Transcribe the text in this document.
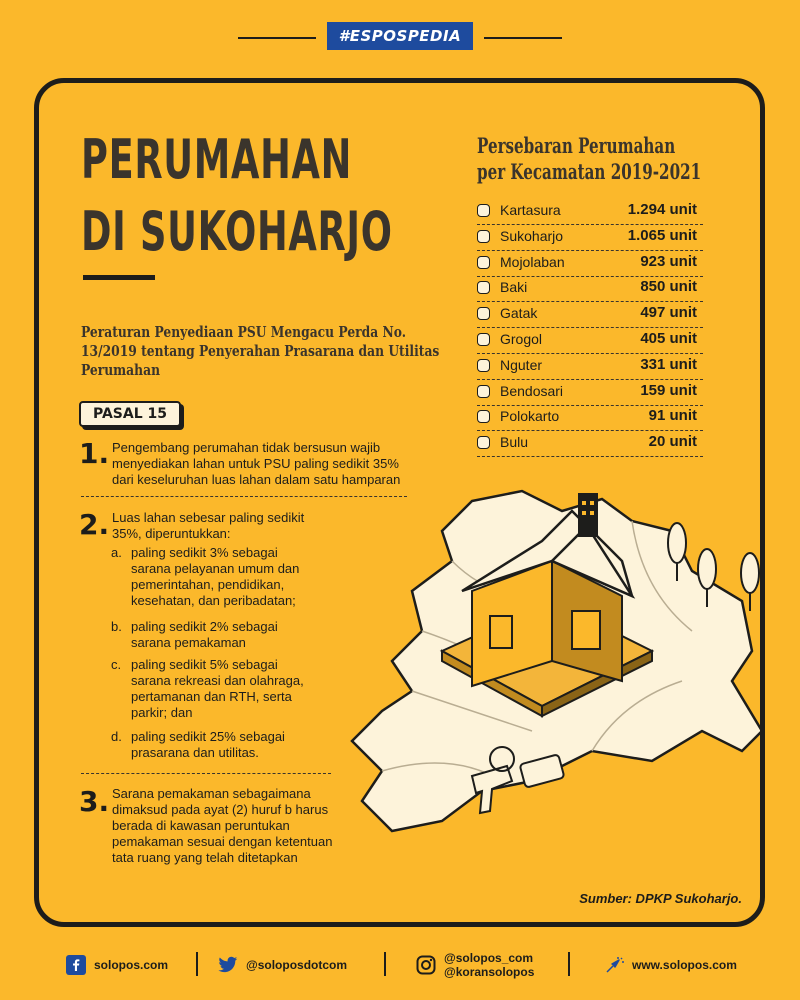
#ESPOSPEDIA
PERUMAHAN
DI SUKOHARJO
Peraturan Penyediaan PSU Mengacu Perda No. 13/2019 tentang Penyerahan Prasarana dan Utilitas Perumahan
PASAL 15
1. Pengembang perumahan tidak bersusun wajib menyediakan lahan untuk PSU paling sedikit 35% dari keseluruhan luas lahan dalam satu hamparan
2. Luas lahan sebesar paling sedikit 35%, diperuntukkan:
a. paling sedikit 3% sebagai sarana pelayanan umum dan pemerintahan, pendidikan, kesehatan, dan peribadatan;
b. paling sedikit 2% sebagai sarana pemakaman
c. paling sedikit 5% sebagai sarana rekreasi dan olahraga, pertamanan dan RTH, serta parkir; dan
d. paling sedikit 25% sebagai prasarana dan utilitas.
3. Sarana pemakaman sebagaimana dimaksud pada ayat (2) huruf b harus berada di kawasan peruntukan pemakaman sesuai dengan ketentuan tata ruang yang telah ditetapkan
Persebaran Perumahan
per Kecamatan 2019-2021
Kartasura	1.294 unit
Sukoharjo	1.065 unit
Mojolaban	923 unit
Baki	850 unit
Gatak	497 unit
Grogol	405 unit
Nguter	331 unit
Bendosari	159 unit
Polokarto	91 unit
Bulu	20 unit
Sumber: DPKP Sukoharjo.
solopos.com	@soloposdotcom	@solopos_com
@koransolopos	www.solopos.com
